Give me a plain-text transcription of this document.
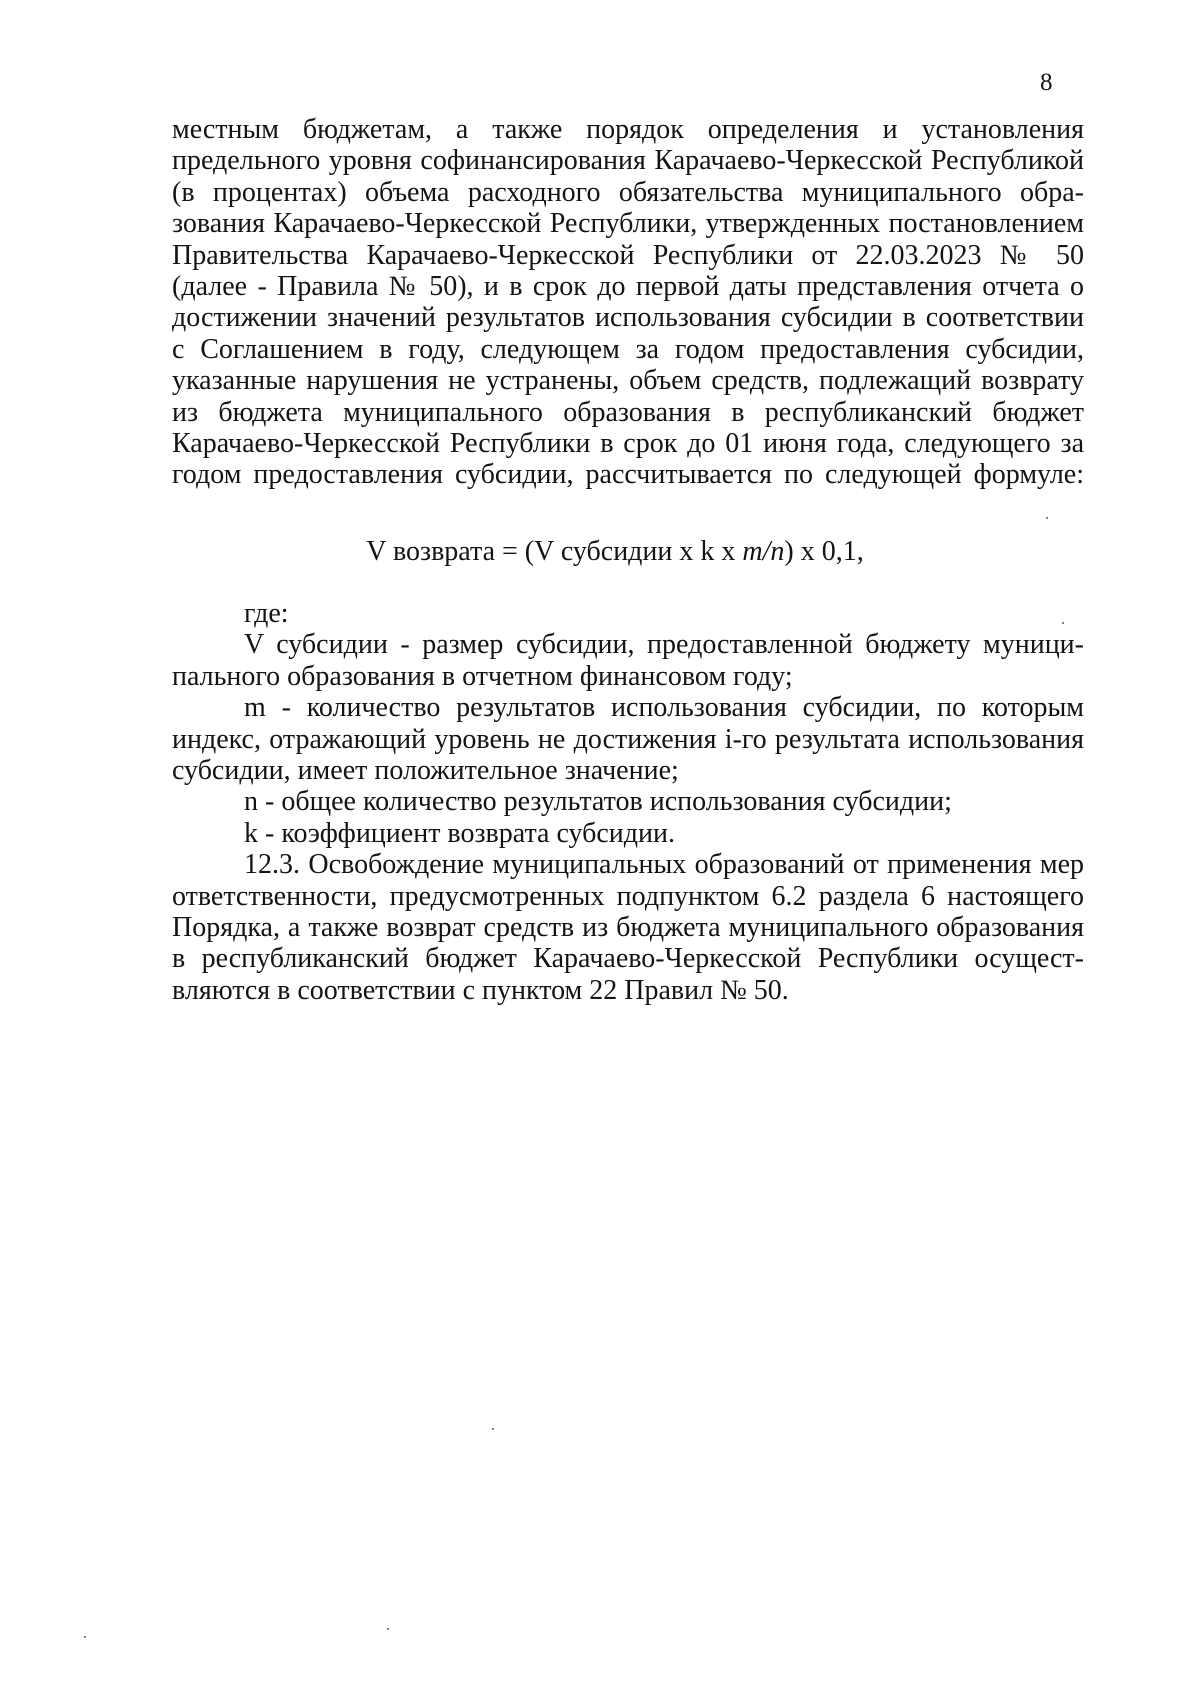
8
местным бюджетам, а также порядок определения и установления
предельного уровня софинансирования Карачаево-Черкесской Республикой
(в процентах) объема расходного обязательства муниципального обра-
зования Карачаево-Черкесской Республики, утвержденных постановлением
Правительства Карачаево-Черкесской Республики от 22.03.2023 № 50
(далее - Правила № 50), и в срок до первой даты представления отчета о
достижении значений результатов использования субсидии в соответствии
с Соглашением в году, следующем за годом предоставления субсидии,
указанные нарушения не устранены, объем средств, подлежащий возврату
из бюджета муниципального образования в республиканский бюджет
Карачаево-Черкесской Республики в срок до 01 июня года, следующего за
годом предоставления субсидии, рассчитывается по следующей формуле:
V возврата = (V субсидии x k x m/n) x 0,1,
где:
V субсидии - размер субсидии, предоставленной бюджету муници-
пального образования в отчетном финансовом году;
m - количество результатов использования субсидии, по которым
индекс, отражающий уровень не достижения i-го результата использования
субсидии, имеет положительное значение;
n - общее количество результатов использования субсидии;
k - коэффициент возврата субсидии.
12.3. Освобождение муниципальных образований от применения мер
ответственности, предусмотренных подпунктом 6.2 раздела 6 настоящего
Порядка, а также возврат средств из бюджета муниципального образования
в республиканский бюджет Карачаево-Черкесской Республики осущест-
вляются в соответствии с пунктом 22 Правил № 50.
